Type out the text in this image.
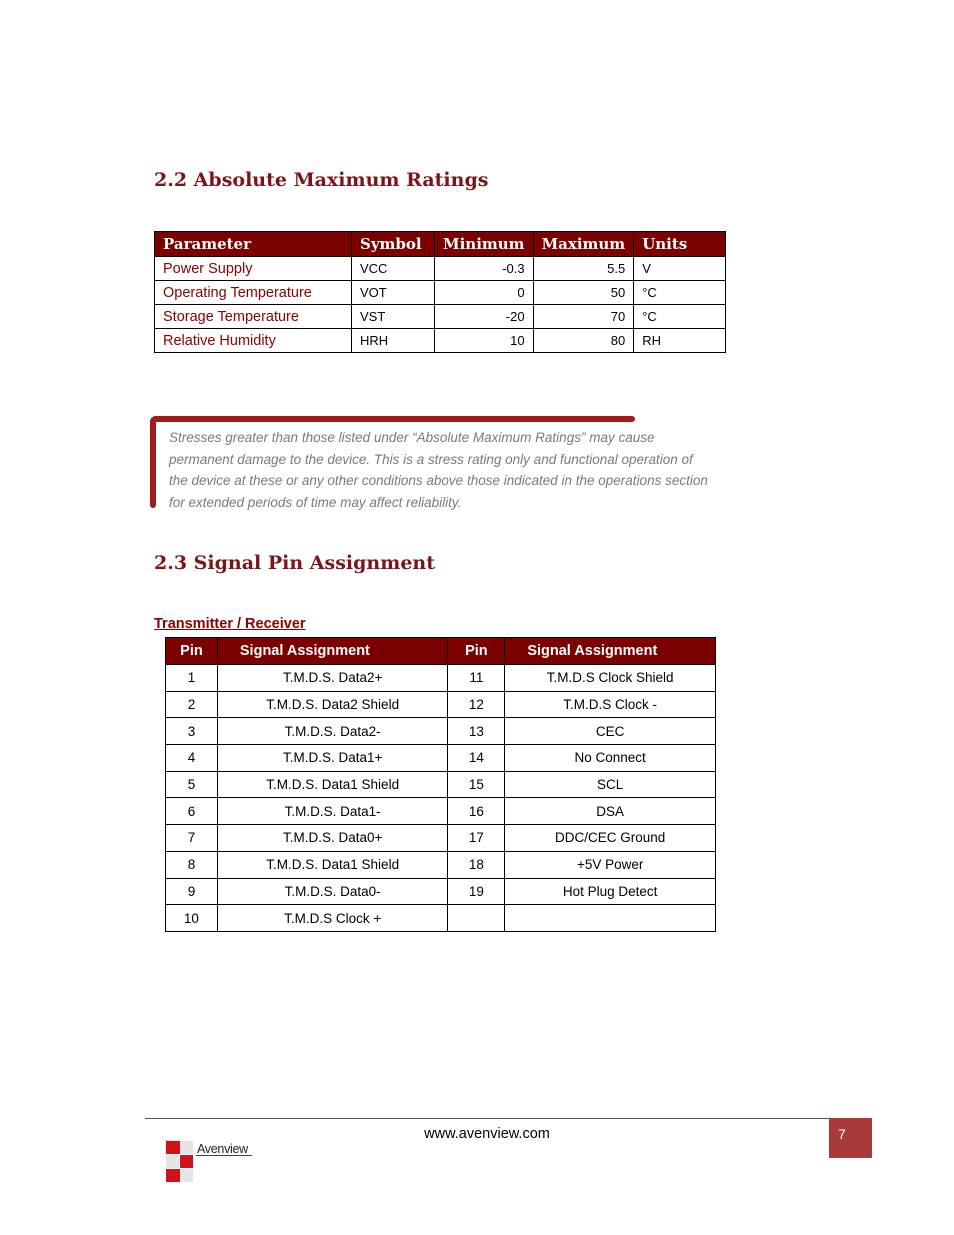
2.2 Absolute Maximum Ratings
Parameter	Symbol	Minimum	Maximum	Units
Power Supply	VCC	-0.3	5.5	V
Operating Temperature	VOT	0	50	°C
Storage Temperature	VST	-20	70	°C
Relative Humidity	HRH	10	80	RH

Stresses greater than those listed under “Absolute Maximum Ratings” may cause
permanent damage to the device. This is a stress rating only and functional operation of
the device at these or any other conditions above those indicated in the operations section
for extended periods of time may affect reliability.

2.3 Signal Pin Assignment

Transmitter / Receiver

Pin	Signal Assignment	Pin	Signal Assignment
1	T.M.D.S. Data2+	11	T.M.D.S Clock Shield
2	T.M.D.S. Data2 Shield	12	T.M.D.S Clock -
3	T.M.D.S. Data2-	13	CEC
4	T.M.D.S. Data1+	14	No Connect
5	T.M.D.S. Data1 Shield	15	SCL
6	T.M.D.S. Data1-	16	DSA
7	T.M.D.S. Data0+	17	DDC/CEC Ground
8	T.M.D.S. Data1 Shield	18	+5V Power
9	T.M.D.S. Data0-	19	Hot Plug Detect
10	T.M.D.S Clock +		

www.avenview.com	7

Avenview
